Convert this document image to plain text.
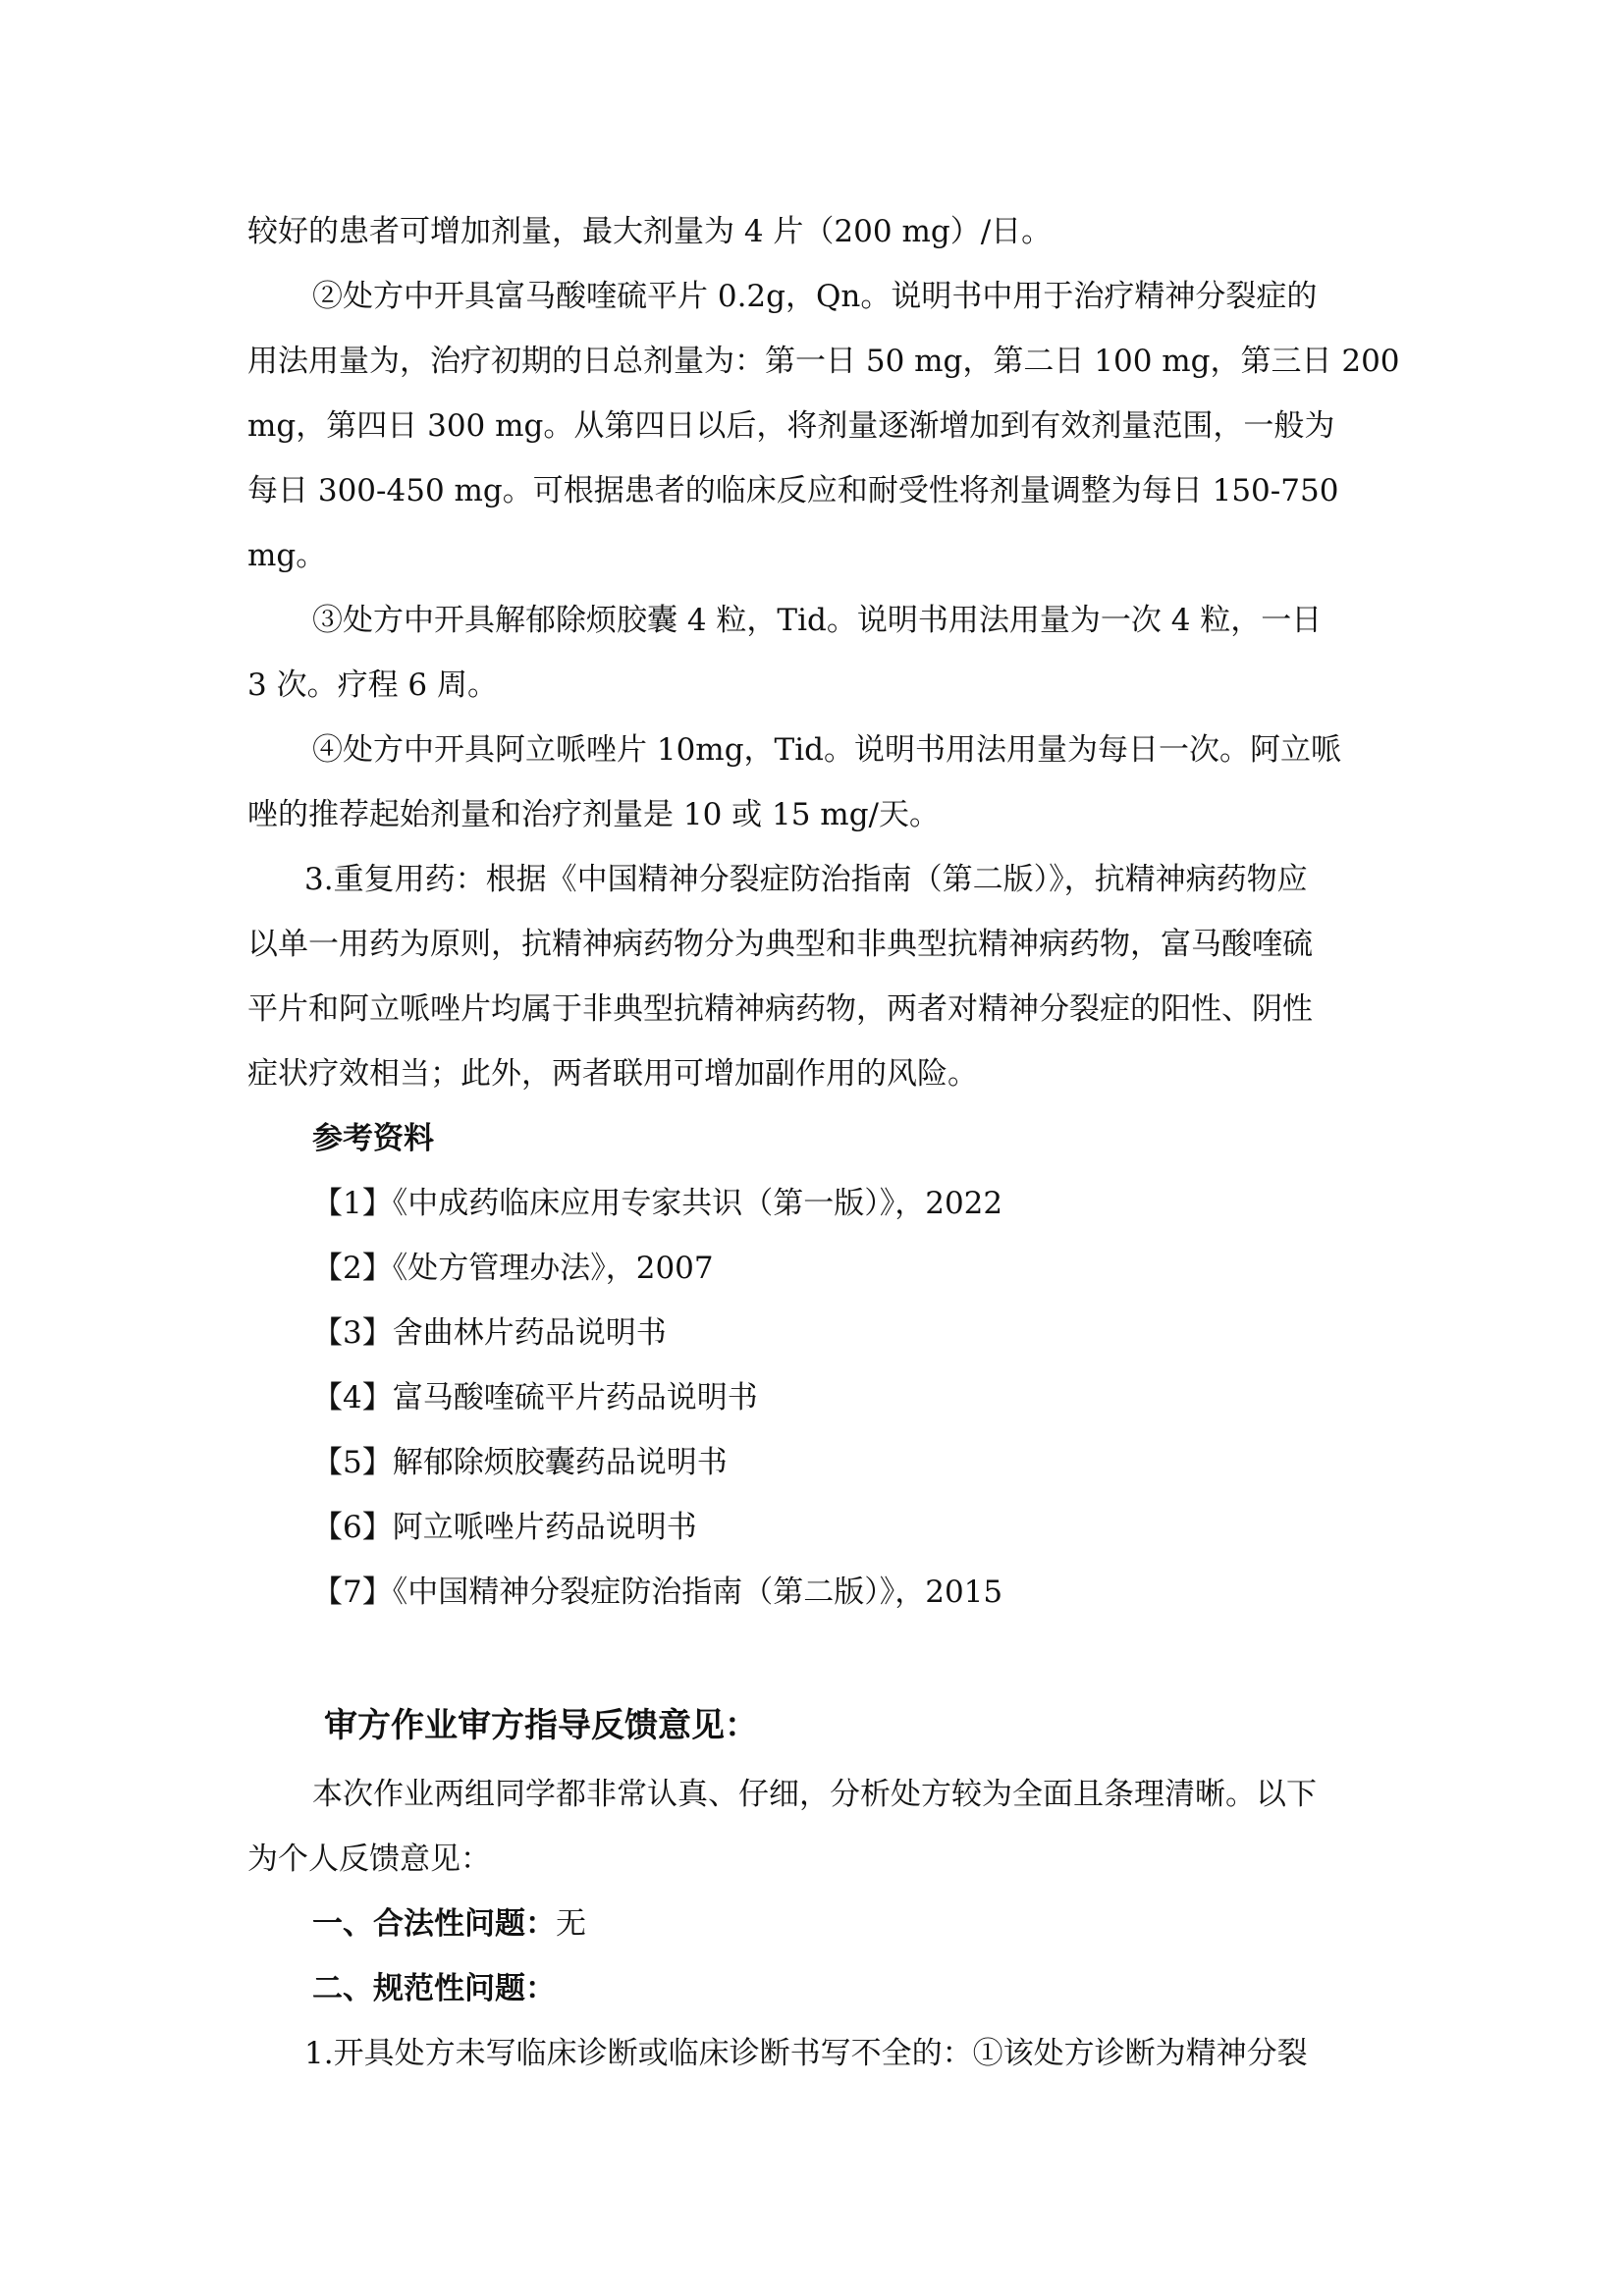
较好的患者可增加剂量，最大剂量为 4 片（200 mg）/日。
②处方中开具富马酸喹硫平片 0.2g，Qn。说明书中用于治疗精神分裂症的
用法用量为，治疗初期的日总剂量为：第一日 50 mg，第二日 100 mg，第三日 200
mg，第四日 300 mg。从第四日以后，将剂量逐渐增加到有效剂量范围，一般为
每日 300-450 mg。可根据患者的临床反应和耐受性将剂量调整为每日 150-750
mg。
③处方中开具解郁除烦胶囊 4 粒，Tid。说明书用法用量为一次 4 粒，一日
3 次。疗程 6 周。
④处方中开具阿立哌唑片 10mg，Tid。说明书用法用量为每日一次。阿立哌
唑的推荐起始剂量和治疗剂量是 10 或 15 mg/天。
3.重复用药：根据《中国精神分裂症防治指南（第二版）》，抗精神病药物应
以单一用药为原则，抗精神病药物分为典型和非典型抗精神病药物，富马酸喹硫
平片和阿立哌唑片均属于非典型抗精神病药物，两者对精神分裂症的阳性、阴性
症状疗效相当；此外，两者联用可增加副作用的风险。
参考资料
【1】《中成药临床应用专家共识（第一版）》，2022
【2】《处方管理办法》，2007
【3】舍曲林片药品说明书
【4】富马酸喹硫平片药品说明书
【5】解郁除烦胶囊药品说明书
【6】阿立哌唑片药品说明书
【7】《中国精神分裂症防治指南（第二版）》，2015
审方作业审方指导反馈意见：
本次作业两组同学都非常认真、仔细，分析处方较为全面且条理清晰。以下
为个人反馈意见：
一、合法性问题：无
二、规范性问题：
1.开具处方未写临床诊断或临床诊断书写不全的：①该处方诊断为精神分裂
